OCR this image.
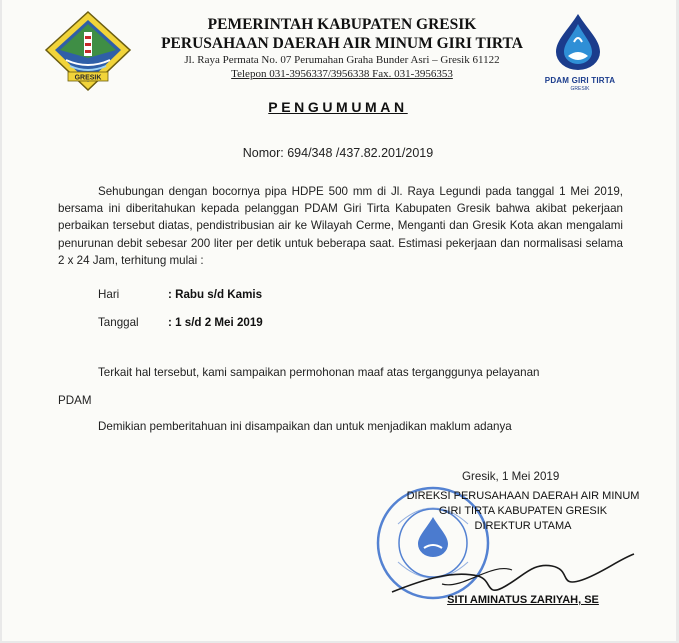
GRESIK
PEMERINTAH KABUPATEN GRESIK
PERUSAHAAN DAERAH AIR MINUM GIRI TIRTA
Jl. Raya Permata No. 07 Perumahan Graha Bunder Asri – Gresik 61122
Telepon 031-3956337/3956338 Fax. 031-3956353
PDAM GIRI TIRTA
GRESIK
PENGUMUMAN
Nomor: 694/348 /437.82.201/2019
Sehubungan dengan bocornya pipa HDPE 500 mm di Jl. Raya Legundi pada tanggal 1 Mei 2019, bersama ini diberitahukan kepada pelanggan PDAM Giri Tirta Kabupaten Gresik bahwa akibat pekerjaan perbaikan tersebut diatas, pendistribusian air ke Wilayah Cerme, Menganti dan Gresik Kota akan mengalami penurunan debit sebesar 200 liter per detik untuk beberapa saat. Estimasi pekerjaan dan normalisasi selama 2 x 24 Jam, terhitung mulai :
Hari	: Rabu s/d Kamis
Tanggal	: 1 s/d 2 Mei 2019
Terkait hal tersebut, kami sampaikan permohonan maaf atas terganggunya pelayanan
PDAM
Demikian pemberitahuan ini disampaikan dan untuk menjadikan maklum adanya
Gresik, 1 Mei 2019
DIREKSI PERUSAHAAN DAERAH AIR MINUM
GIRI TIRTA KABUPATEN GRESIK
DIREKTUR UTAMA
SITI AMINATUS ZARIYAH, SE
